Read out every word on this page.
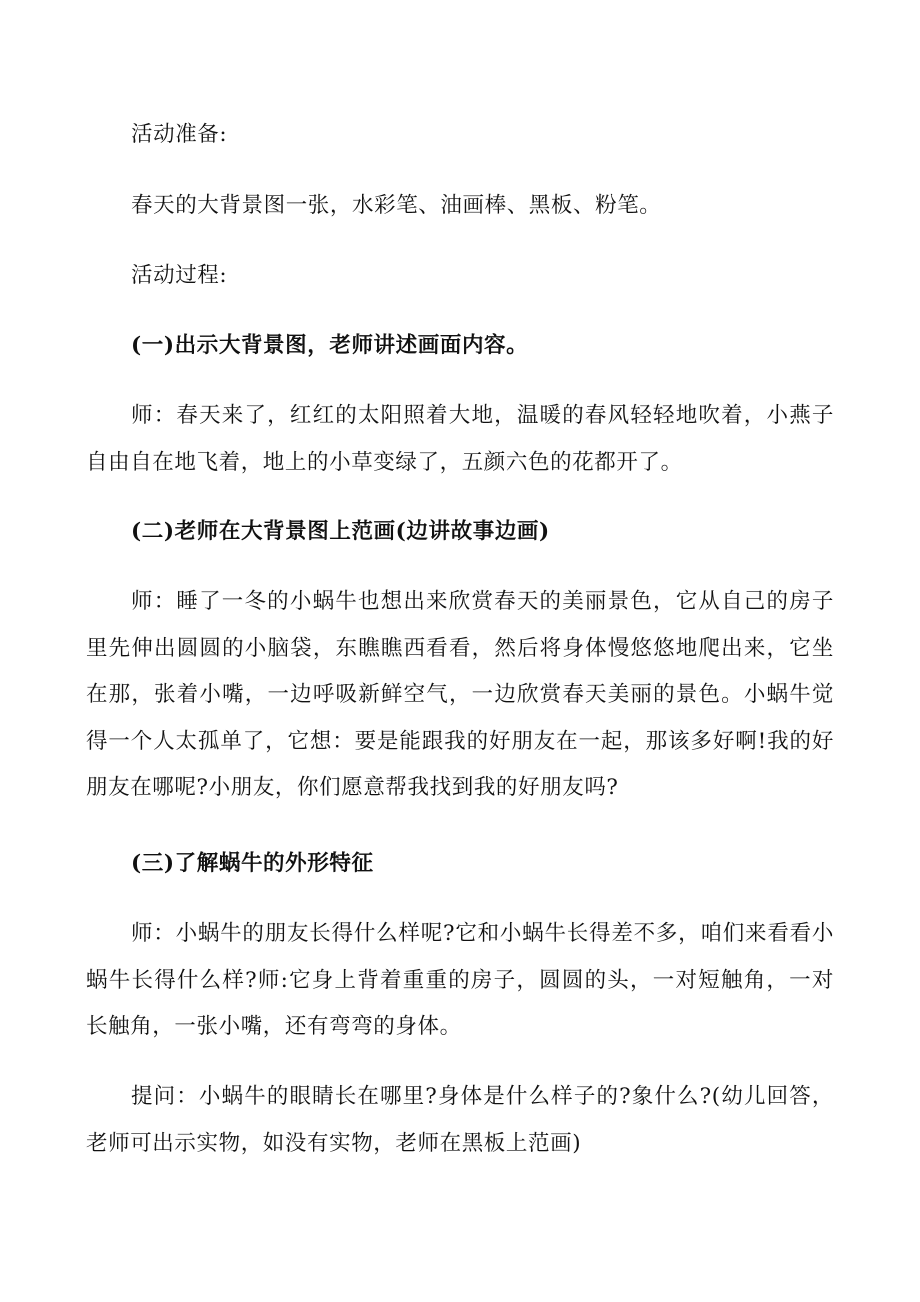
活动准备:

春天的大背景图一张，水彩笔、油画棒、黑板、粉笔。

活动过程:

(一)出示大背景图，老师讲述画面内容。

师：春天来了，红红的太阳照着大地，温暖的春风轻轻地吹着，小燕子自由自在地飞着，地上的小草变绿了，五颜六色的花都开了。

(二)老师在大背景图上范画(边讲故事边画)

师：睡了一冬的小蜗牛也想出来欣赏春天的美丽景色，它从自己的房子里先伸出圆圆的小脑袋，东瞧瞧西看看，然后将身体慢悠悠地爬出来，它坐在那，张着小嘴，一边呼吸新鲜空气，一边欣赏春天美丽的景色。小蜗牛觉得一个人太孤单了，它想：要是能跟我的好朋友在一起，那该多好啊!我的好朋友在哪呢?小朋友，你们愿意帮我找到我的好朋友吗?

(三)了解蜗牛的外形特征

师：小蜗牛的朋友长得什么样呢?它和小蜗牛长得差不多，咱们来看看小蜗牛长得什么样?师:它身上背着重重的房子，圆圆的头，一对短触角，一对长触角，一张小嘴，还有弯弯的身体。

提问：小蜗牛的眼睛长在哪里?身体是什么样子的?象什么?(幼儿回答，老师可出示实物，如没有实物，老师在黑板上范画)
